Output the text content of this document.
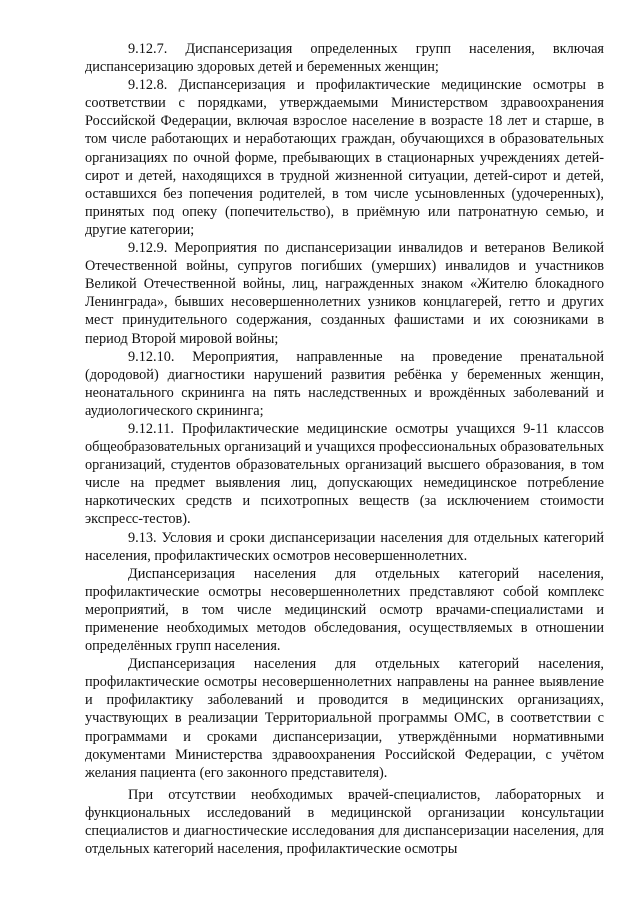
9.12.7. Диспансеризация определенных групп населения, включая диспансеризацию здоровых детей и беременных женщин;

9.12.8. Диспансеризация и профилактические медицинские осмотры в соответствии с порядками, утверждаемыми Министерством здравоохранения Российской Федерации, включая взрослое население в возрасте 18 лет и старше, в том числе работающих и неработающих граждан, обучающихся в образовательных организациях по очной форме, пребывающих в стационарных учреждениях детей-сирот и детей, находящихся в трудной жизненной ситуации, детей-сирот и детей, оставшихся без попечения родителей, в том числе усыновленных (удочеренных), принятых под опеку (попечительство), в приёмную или патронатную семью, и другие категории;

9.12.9. Мероприятия по диспансеризации инвалидов и ветеранов Великой Отечественной войны, супругов погибших (умерших) инвалидов и участников Великой Отечественной войны, лиц, награжденных знаком «Жителю блокадного Ленинграда», бывших несовершеннолетних узников концлагерей, гетто и других мест принудительного содержания, созданных фашистами и их союзниками в период Второй мировой войны;

9.12.10. Мероприятия, направленные на проведение пренатальной (дородовой) диагностики нарушений развития ребёнка у беременных женщин, неонатального скрининга на пять наследственных и врождённых заболеваний и аудиологического скрининга;

9.12.11. Профилактические медицинские осмотры учащихся 9-11 классов общеобразовательных организаций и учащихся профессиональных образовательных организаций, студентов образовательных организаций высшего образования, в том числе на предмет выявления лиц, допускающих немедицинское потребление наркотических средств и психотропных веществ (за исключением стоимости экспресс-тестов).

9.13. Условия и сроки диспансеризации населения для отдельных категорий населения, профилактических осмотров несовершеннолетних.

Диспансеризация населения для отдельных категорий населения, профилактические осмотры несовершеннолетних представляют собой комплекс мероприятий, в том числе медицинский осмотр врачами-специалистами и применение необходимых методов обследования, осуществляемых в отношении определённых групп населения.

Диспансеризация населения для отдельных категорий населения, профилактические осмотры несовершеннолетних направлены на раннее выявление и профилактику заболеваний и проводится в медицинских организациях, участвующих в реализации Территориальной программы ОМС, в соответствии с программами и сроками диспансеризации, утверждёнными нормативными документами Министерства здравоохранения Российской Федерации, с учётом желания пациента (его законного представителя).

При отсутствии необходимых врачей-специалистов, лабораторных и функциональных исследований в медицинской организации консультации специалистов и диагностические исследования для диспансеризации населения, для отдельных категорий населения, профилактические осмотры
